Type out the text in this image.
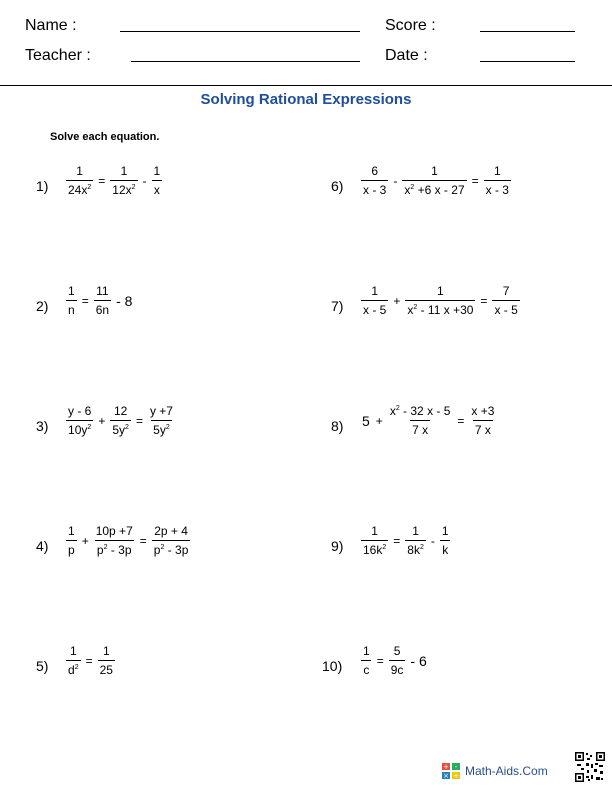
Name :	Score :
Teacher :	Date :
Solving Rational Expressions
Solve each equation.
$1) \frac{1}{24x^2} = \frac{1}{12x^2} - \frac{1}{x}$	$6) \frac{6}{x - 3} - \frac{1}{x^2 +6 x - 27} = \frac{1}{x - 3}$
$2) \frac{1}{n} = \frac{11}{6n} - 8$	$7) \frac{1}{x - 5} + \frac{1}{x^2 - 11 x +30} = \frac{7}{x - 5}$
$3) \frac{y - 6}{10y^2} + \frac{12}{5y^2} = \frac{y +7}{5y^2}$	8) $5 + \frac{x^2 - 32 x - 5}{7 x} = \frac{x +3}{7 x}$
$4) \frac{1}{p} + \frac{10p +7}{p^2 - 3p} = \frac{2p + 4}{p^2 - 3p}$	$9) \frac{1}{16k^2} = \frac{1}{8k^2} - \frac{1}{k}$
$5) \frac{1}{d^2} = \frac{1}{25}$	$10) \frac{1}{c} = \frac{5}{9c} - 6$
+ -
× ÷ Math-Aids.Com
